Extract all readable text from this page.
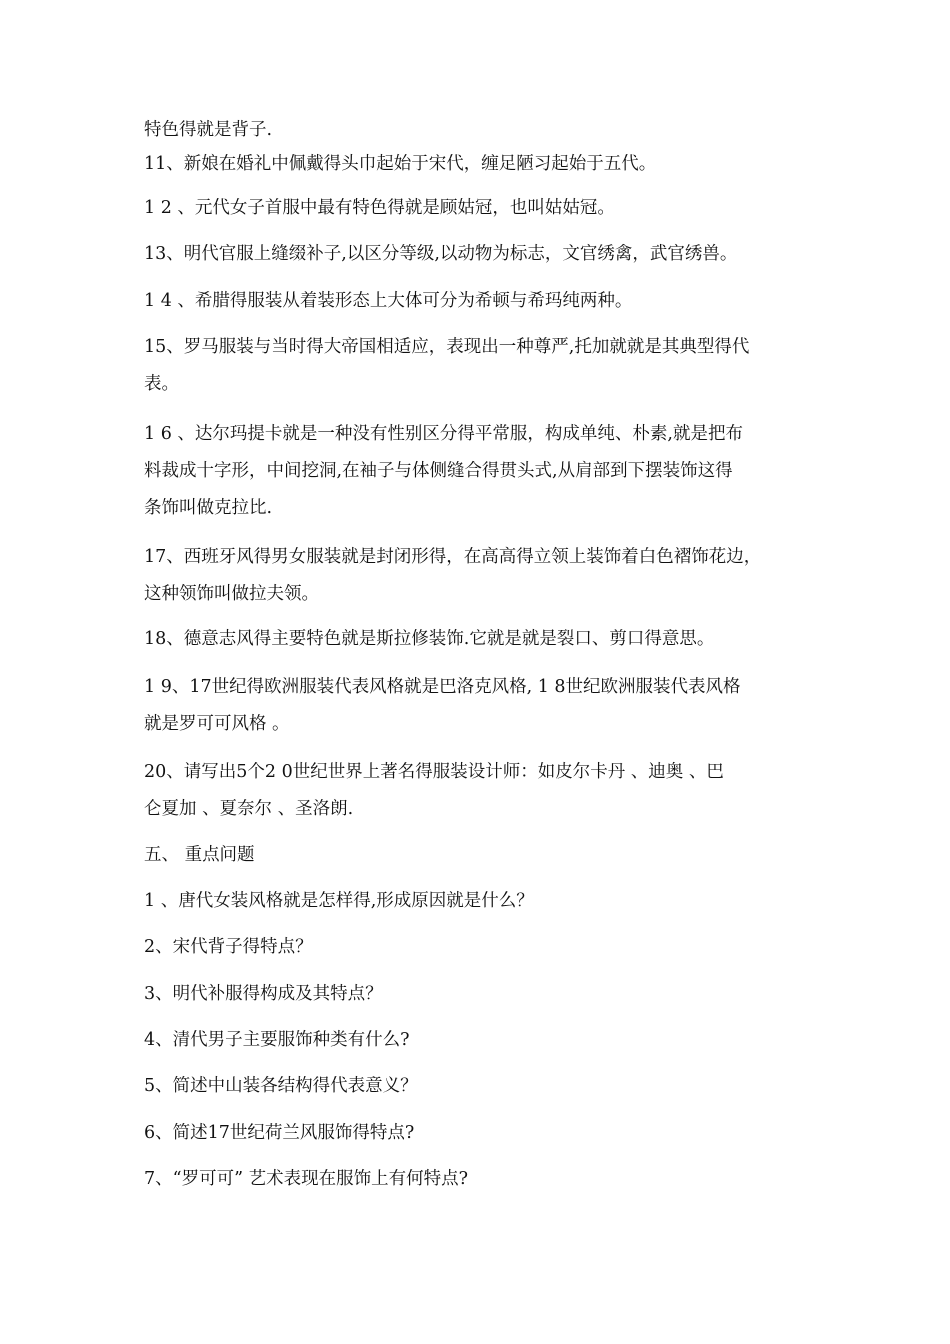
特色得就是背子.
11、新娘在婚礼中佩戴得头巾起始于宋代，缠足陋习起始于五代。
1 2 、元代女子首服中最有特色得就是顾姑冠，也叫姑姑冠。
13、明代官服上缝缀补子,以区分等级,以动物为标志，文官绣禽，武官绣兽。
1 4 、希腊得服装从着装形态上大体可分为希顿与希玛纯两种。
15、罗马服装与当时得大帝国相适应，表现出一种尊严,托加就就是其典型得代
表。
1 6 、达尔玛提卡就是一种没有性别区分得平常服，构成单纯、朴素,就是把布
料裁成十字形，中间挖洞,在袖子与体侧缝合得贯头式,从肩部到下摆装饰这得
条饰叫做克拉比.
17、西班牙风得男女服装就是封闭形得，在高高得立领上装饰着白色褶饰花边，
这种领饰叫做拉夫领。
18、德意志风得主要特色就是斯拉修装饰.它就是就是裂口、剪口得意思。
1 9、17世纪得欧洲服装代表风格就是巴洛克风格, 1 8世纪欧洲服装代表风格
就是罗可可风格 。
20、请写出5个2 0世纪世界上著名得服装设计师：如皮尔卡丹 、迪奥 、巴
仑夏加 、夏奈尔 、圣洛朗.
五、 重点问题
1 、唐代女装风格就是怎样得,形成原因就是什么？
2、宋代背子得特点？
3、明代补服得构成及其特点？
4、清代男子主要服饰种类有什么?
5、简述中山装各结构得代表意义？
6、简述17世纪荷兰风服饰得特点?
7、“罗可可” 艺术表现在服饰上有何特点?
